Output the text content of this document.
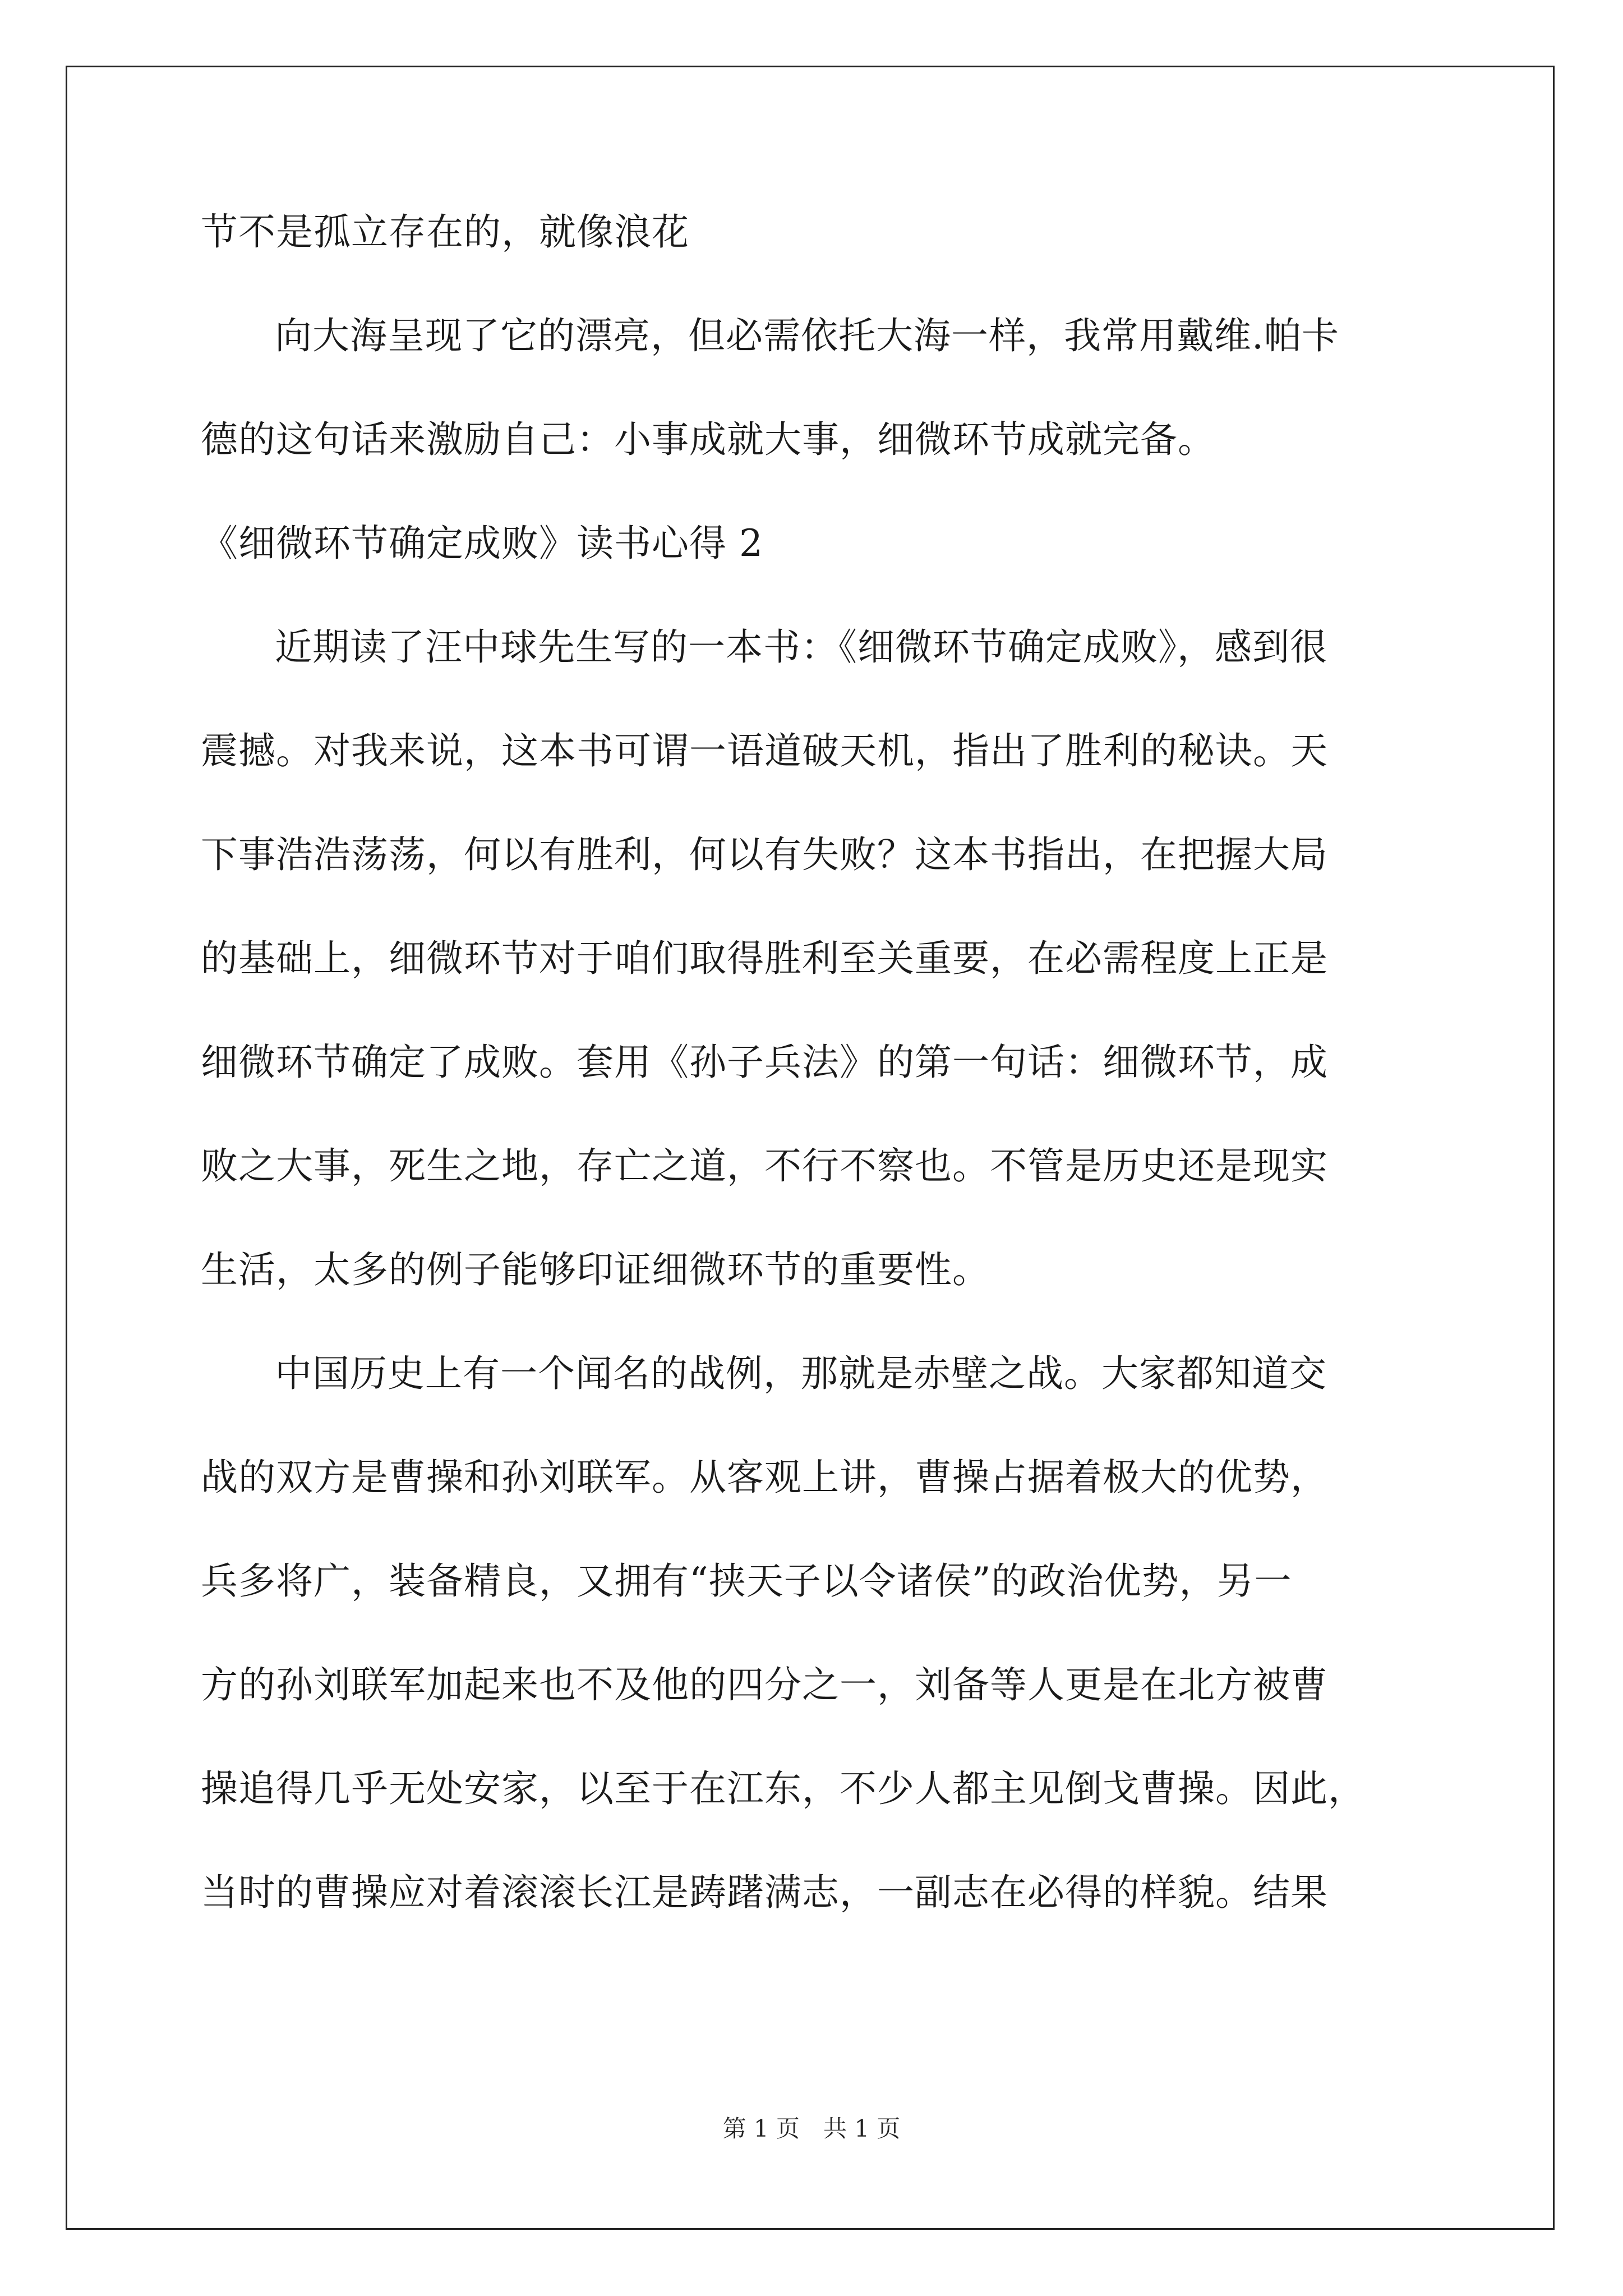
节不是孤立存在的，就像浪花
向大海呈现了它的漂亮，但必需依托大海一样，我常用戴维.帕卡
德的这句话来激励自己：小事成就大事，细微环节成就完备。
《细微环节确定成败》读书心得 2
近期读了汪中球先生写的一本书：《细微环节确定成败》，感到很
震撼。对我来说，这本书可谓一语道破天机，指出了胜利的秘诀。天
下事浩浩荡荡，何以有胜利，何以有失败？这本书指出，在把握大局
的基础上，细微环节对于咱们取得胜利至关重要，在必需程度上正是
细微环节确定了成败。套用《孙子兵法》的第一句话：细微环节，成
败之大事，死生之地，存亡之道，不行不察也。不管是历史还是现实
生活，太多的例子能够印证细微环节的重要性。
中国历史上有一个闻名的战例，那就是赤壁之战。大家都知道交
战的双方是曹操和孙刘联军。从客观上讲，曹操占据着极大的优势，
兵多将广，装备精良，又拥有“挟天子以令诸侯”的政治优势，另一
方的孙刘联军加起来也不及他的四分之一，刘备等人更是在北方被曹
操追得几乎无处安家，以至于在江东，不少人都主见倒戈曹操。因此，
当时的曹操应对着滚滚长江是踌躇满志，一副志在必得的样貌。结果
第 1 页　共 1 页
